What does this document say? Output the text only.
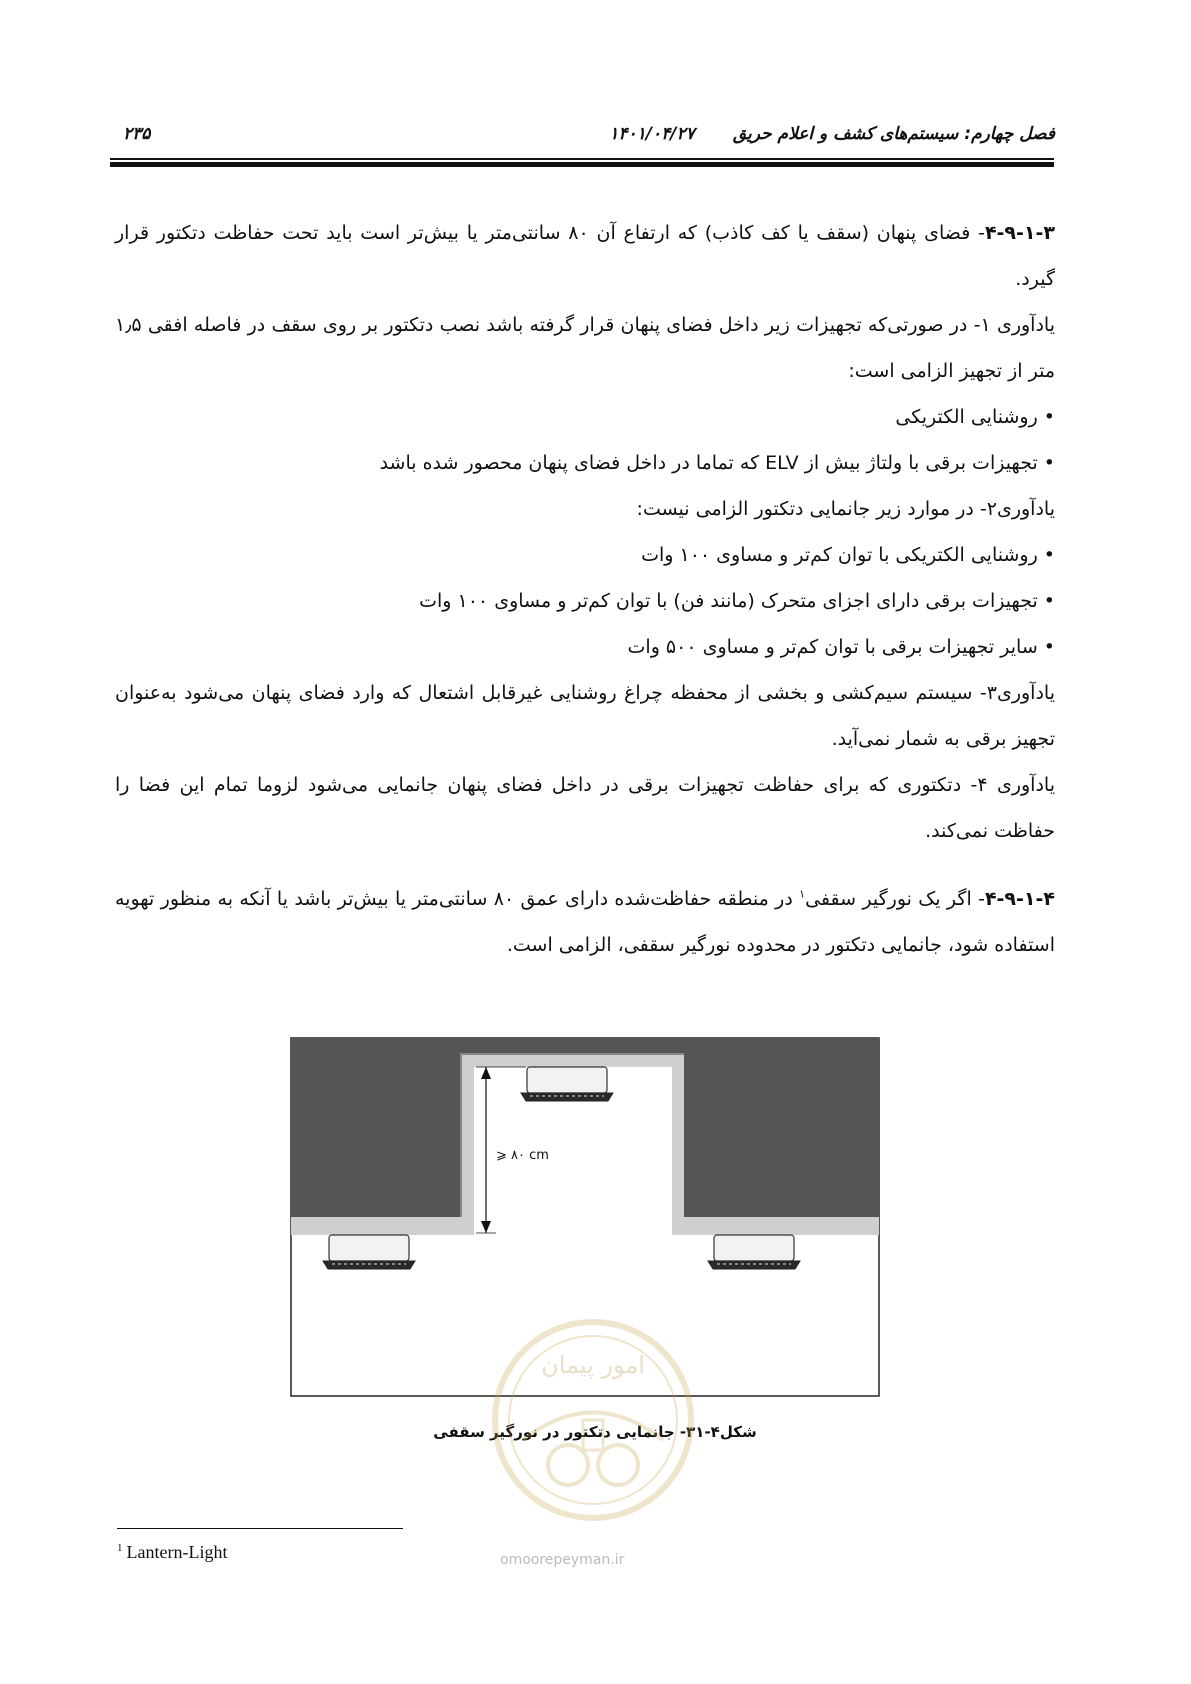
۲۳۵	۱۴۰۱/۰۴/۲۷	فصل چهارم: سیستم‌های کشف و اعلام حریق

۴-۹-۱-۳- فضای پنهان (سقف یا کف کاذب) که ارتفاع آن ۸۰ سانتی‌متر یا بیش‌تر است باید تحت حفاظت دتکتور قرار گیرد.

یادآوری ۱- در صورتی‌که تجهیزات زیر داخل فضای پنهان قرار گرفته باشد نصب دتکتور بر روی سقف در فاصله افقی ۱٫۵ متر از تجهیز الزامی است:

• روشنایی الکتریکی
• تجهیزات برقی با ولتاژ بیش از ELV که تماما در داخل فضای پنهان محصور شده باشد

یادآوری۲- در موارد زیر جانمایی دتکتور الزامی نیست:

• روشنایی الکتریکی با توان کم‌تر و مساوی ۱۰۰ وات
• تجهیزات برقی دارای اجزای متحرک (مانند فن) با توان کم‌تر و مساوی ۱۰۰ وات
• سایر تجهیزات برقی با توان کم‌تر و مساوی ۵۰۰ وات

یادآوری۳- سیستم سیم‌کشی و بخشی از محفظه چراغ روشنایی غیرقابل اشتعال که وارد فضای پنهان می‌شود به‌عنوان تجهیز برقی به شمار نمی‌آید.

یادآوری ۴- دتکتوری که برای حفاظت تجهیزات برقی در داخل فضای پنهان جانمایی می‌شود لزوما تمام این فضا را حفاظت نمی‌کند.

۴-۹-۱-۴- اگر یک نورگیر سقفی$^۱$ در منطقه حفاظت‌شده دارای عمق ۸۰ سانتی‌متر یا بیش‌تر باشد یا آنکه به منظور تهویه استفاده شود، جانمایی دتکتور در محدوده نورگیر سقفی، الزامی است.

⩾ ۸۰ cm
شکل۴-۳۱- جانمایی دتکتور در نورگیر سقفی
امور پیمان
omoorepeyman.ir
$^1$ Lantern-Light
